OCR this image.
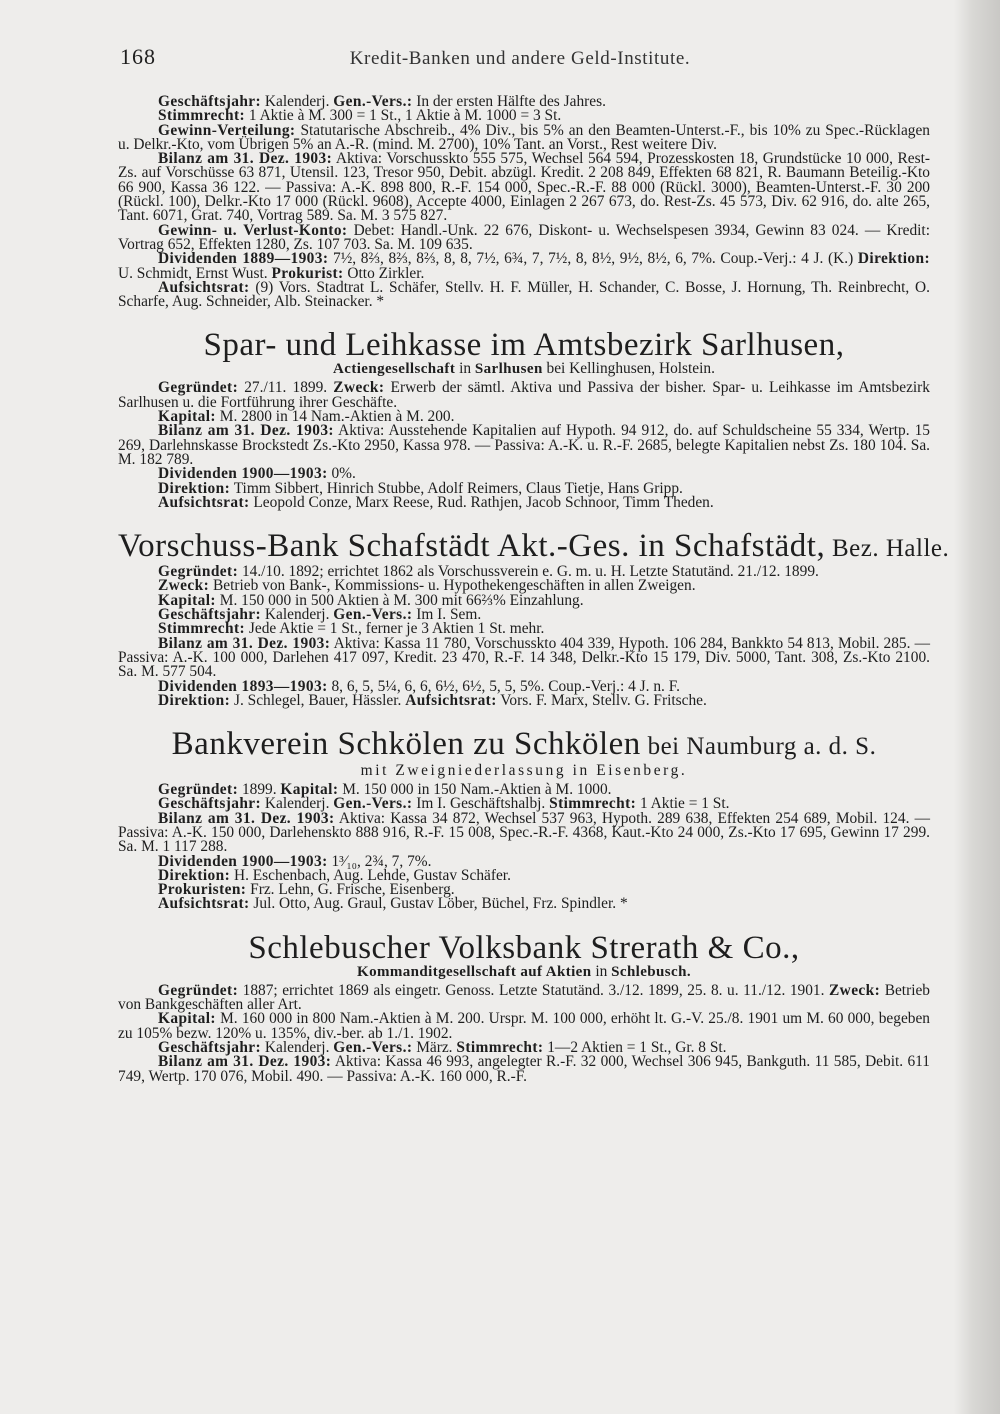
168	Kredit-Banken und andere Geld-Institute.

Geschäftsjahr: Kalenderj. Gen.-Vers.: In der ersten Hälfte des Jahres.

Stimmrecht: 1 Aktie à M. 300 = 1 St., 1 Aktie à M. 1000 = 3 St.

Gewinn-Verteilung: Statutarische Abschreib., 4% Div., bis 5% an den Beamten-Unterst.-F., bis 10% zu Spec.-Rücklagen u. Delkr.-Kto, vom Übrigen 5% an A.-R. (mind. M. 2700), 10% Tant. an Vorst., Rest weitere Div.

Bilanz am 31. Dez. 1903: Aktiva: Vorschusskto 555 575, Wechsel 564 594, Prozesskosten 18, Grundstücke 10 000, Rest-Zs. auf Vorschüsse 63 871, Utensil. 123, Tresor 950, Debit. abzügl. Kredit. 2 208 849, Effekten 68 821, R. Baumann Beteilig.-Kto 66 900, Kassa 36 122. — Passiva: A.-K. 898 800, R.-F. 154 000, Spec.-R.-F. 88 000 (Rückl. 3000), Beamten-Unterst.-F. 30 200 (Rückl. 100), Delkr.-Kto 17 000 (Rückl. 9608), Accepte 4000, Einlagen 2 267 673, do. Rest-Zs. 45 573, Div. 62 916, do. alte 265, Tant. 6071, Grat. 740, Vortrag 589. Sa. M. 3 575 827.

Gewinn- u. Verlust-Konto: Debet: Handl.-Unk. 22 676, Diskont- u. Wechselspesen 3934, Gewinn 83 024. — Kredit: Vortrag 652, Effekten 1280, Zs. 107 703. Sa. M. 109 635.

Dividenden 1889—1903: 7½, 8⅔, 8⅔, 8⅔, 8, 8, 7½, 6¾, 7, 7½, 8, 8½, 9½, 8½, 6, 7%. Coup.-Verj.: 4 J. (K.) Direktion: U. Schmidt, Ernst Wust. Prokurist: Otto Zirkler.

Aufsichtsrat: (9) Vors. Stadtrat L. Schäfer, Stellv. H. F. Müller, H. Schander, C. Bosse, J. Hornung, Th. Reinbrecht, O. Scharfe, Aug. Schneider, Alb. Steinacker. *

Spar- und Leihkasse im Amtsbezirk Sarlhusen,
Actiengesellschaft in Sarlhusen bei Kellinghusen, Holstein.

Gegründet: 27./11. 1899. Zweck: Erwerb der sämtl. Aktiva und Passiva der bisher. Spar- u. Leihkasse im Amtsbezirk Sarlhusen u. die Fortführung ihrer Geschäfte.

Kapital: M. 2800 in 14 Nam.-Aktien à M. 200.

Bilanz am 31. Dez. 1903: Aktiva: Ausstehende Kapitalien auf Hypoth. 94 912, do. auf Schuldscheine 55 334, Wertp. 15 269, Darlehnskasse Brockstedt Zs.-Kto 2950, Kassa 978. — Passiva: A.-K. u. R.-F. 2685, belegte Kapitalien nebst Zs. 180 104. Sa. M. 182 789.

Dividenden 1900—1903: 0%.

Direktion: Timm Sibbert, Hinrich Stubbe, Adolf Reimers, Claus Tietje, Hans Gripp.

Aufsichtsrat: Leopold Conze, Marx Reese, Rud. Rathjen, Jacob Schnoor, Timm Theden.

Vorschuss-Bank Schafstädt Akt.-Ges. in Schafstädt, Bez. Halle.

Gegründet: 14./10. 1892; errichtet 1862 als Vorschussverein e. G. m. u. H. Letzte Statutänd. 21./12. 1899.

Zweck: Betrieb von Bank-, Kommissions- u. Hypothekengeschäften in allen Zweigen.

Kapital: M. 150 000 in 500 Aktien à M. 300 mit 66⅔% Einzahlung.

Geschäftsjahr: Kalenderj. Gen.-Vers.: Im I. Sem.

Stimmrecht: Jede Aktie = 1 St., ferner je 3 Aktien 1 St. mehr.

Bilanz am 31. Dez. 1903: Aktiva: Kassa 11 780, Vorschusskto 404 339, Hypoth. 106 284, Bankkto 54 813, Mobil. 285. — Passiva: A.-K. 100 000, Darlehen 417 097, Kredit. 23 470, R.-F. 14 348, Delkr.-Kto 15 179, Div. 5000, Tant. 308, Zs.-Kto 2100. Sa. M. 577 504.

Dividenden 1893—1903: 8, 6, 5, 5¼, 6, 6, 6½, 6½, 5, 5, 5%. Coup.-Verj.: 4 J. n. F.

Direktion: J. Schlegel, Bauer, Hässler. Aufsichtsrat: Vors. F. Marx, Stellv. G. Fritsche.

Bankverein Schkölen zu Schkölen bei Naumburg a. d. S.
mit Zweigniederlassung in Eisenberg.

Gegründet: 1899. Kapital: M. 150 000 in 150 Nam.-Aktien à M. 1000.

Geschäftsjahr: Kalenderj. Gen.-Vers.: Im I. Geschäftshalbj. Stimmrecht: 1 Aktie = 1 St.

Bilanz am 31. Dez. 1903: Aktiva: Kassa 34 872, Wechsel 537 963, Hypoth. 289 638, Effekten 254 689, Mobil. 124. — Passiva: A.-K. 150 000, Darlehenskto 888 916, R.-F. 15 008, Spec.-R.-F. 4368, Kaut.-Kto 24 000, Zs.-Kto 17 695, Gewinn 17 299. Sa. M. 1 117 288.

Dividenden 1900—1903: 1³⁄₁₀, 2¾, 7, 7%.

Direktion: H. Eschenbach, Aug. Lehde, Gustav Schäfer.

Prokuristen: Frz. Lehn, G. Frische, Eisenberg.

Aufsichtsrat: Jul. Otto, Aug. Graul, Gustav Löber, Büchel, Frz. Spindler. *

Schlebuscher Volksbank Strerath & Co.,
Kommanditgesellschaft auf Aktien in Schlebusch.

Gegründet: 1887; errichtet 1869 als eingetr. Genoss. Letzte Statutänd. 3./12. 1899, 25. 8. u. 11./12. 1901. Zweck: Betrieb von Bankgeschäften aller Art.

Kapital: M. 160 000 in 800 Nam.-Aktien à M. 200. Urspr. M. 100 000, erhöht lt. G.-V. 25./8. 1901 um M. 60 000, begeben zu 105% bezw. 120% u. 135%, div.-ber. ab 1./1. 1902.

Geschäftsjahr: Kalenderj. Gen.-Vers.: März. Stimmrecht: 1—2 Aktien = 1 St., Gr. 8 St.

Bilanz am 31. Dez. 1903: Aktiva: Kassa 46 993, angelegter R.-F. 32 000, Wechsel 306 945, Bankguth. 11 585, Debit. 611 749, Wertp. 170 076, Mobil. 490. — Passiva: A.-K. 160 000, R.-F.
